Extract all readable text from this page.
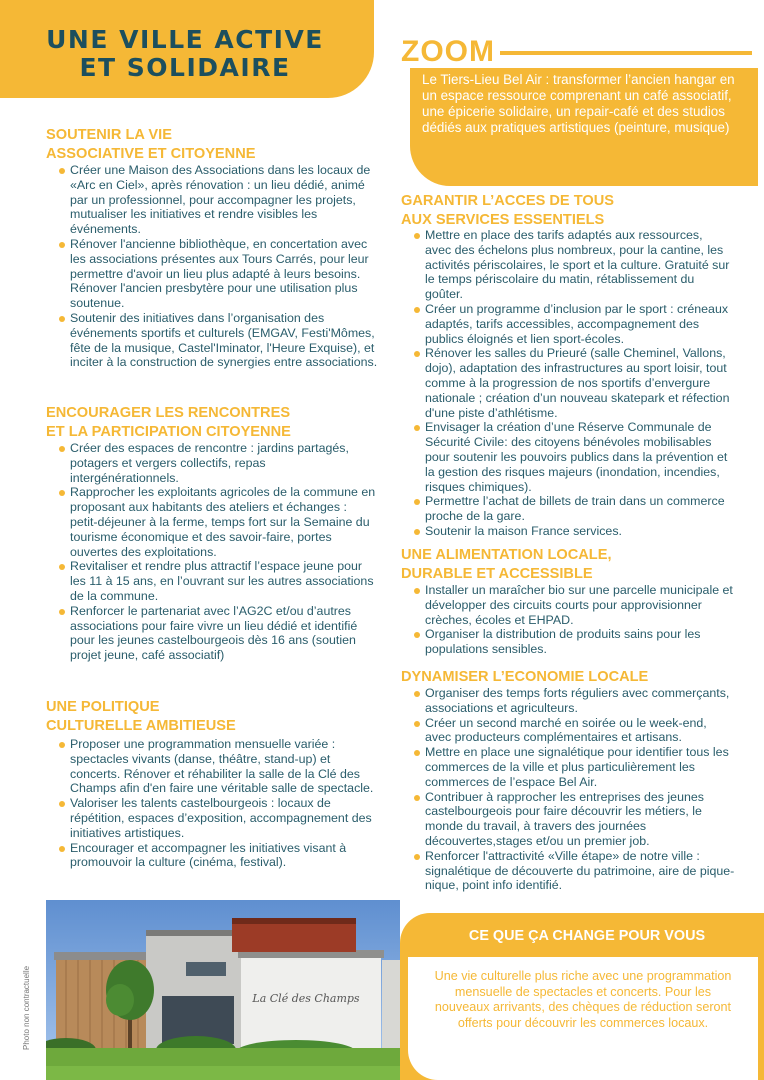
UNE VILLE ACTIVE
ET SOLIDAIRE	ZOOM

Le Tiers-Lieu Bel Air : transformer l’ancien hangar en un espace ressource comprenant un café associatif, une épicerie solidaire, un repair-café et des studios dédiés aux pratiques artistiques (peinture, musique)

SOUTENIR LA VIE
ASSOCIATIVE ET CITOYENNE
Créer une Maison des Associations dans les locaux de «Arc en Ciel», après rénovation : un lieu dédié, animé par un professionnel, pour accompagner les projets, mutualiser les initiatives et rendre visibles les événements.
Rénover l'ancienne bibliothèque, en concertation avec les associations présentes aux Tours Carrés, pour leur permettre d'avoir un lieu plus adapté à leurs besoins. Rénover l'ancien presbytère pour une utilisation plus soutenue.
Soutenir des initiatives dans l’organisation des événements sportifs et culturels (EMGAV, Festi'Mômes, fête de la musique, Castel'Iminator, l'Heure Exquise), et inciter à la construction de synergies entre associations.
ENCOURAGER LES RENCONTRES
ET LA PARTICIPATION CITOYENNE
Créer des espaces de rencontre : jardins partagés, potagers et vergers collectifs, repas intergénérationnels.
Rapprocher les exploitants agricoles de la commune en proposant aux habitants des ateliers et échanges : petit-déjeuner à la ferme, temps fort sur la Semaine du tourisme économique et des savoir-faire, portes ouvertes des exploitations.
Revitaliser et rendre plus attractif l’espace jeune pour les 11 à 15 ans, en l’ouvrant sur les autres associations de la commune.
Renforcer le partenariat avec l’AG2C et/ou d’autres associations pour faire vivre un lieu dédié et identifié pour les jeunes castelbourgeois dès 16 ans (soutien projet jeune, café associatif)
UNE POLITIQUE
CULTURELLE AMBITIEUSE
Proposer une programmation mensuelle variée : spectacles vivants (danse, théâtre, stand-up) et concerts. Rénover et réhabiliter la salle de la Clé des Champs afin d'en faire une véritable salle de spectacle.
Valoriser les talents castelbourgeois : locaux de répétition, espaces d’exposition, accompagnement des initiatives artistiques.
Encourager et accompagner les initiatives visant à promouvoir la culture (cinéma, festival).
GARANTIR L’ACCES DE TOUS
AUX SERVICES ESSENTIELS
Mettre en place des tarifs adaptés aux ressources, avec des échelons plus nombreux, pour la cantine, les activités périscolaires, le sport et la culture. Gratuité sur le temps périscolaire du matin, rétablissement du goûter.
Créer un programme d’inclusion par le sport : créneaux adaptés, tarifs accessibles, accompagnement des publics éloignés et lien sport-écoles.
Rénover les salles du Prieuré (salle Cheminel, Vallons, dojo), adaptation des infrastructures au sport loisir, tout comme à la progression de nos sportifs d’envergure nationale ; création d’un nouveau skatepark et réfection d'une piste d’athlétisme.
Envisager la création d’une Réserve Communale de Sécurité Civile: des citoyens bénévoles mobilisables pour soutenir les pouvoirs publics dans la prévention et la gestion des risques majeurs (inondation, incendies, risques chimiques).
Permettre l’achat de billets de train dans un commerce proche de la gare.
Soutenir la maison France services.
UNE ALIMENTATION LOCALE,
DURABLE ET ACCESSIBLE
Installer un maraîcher bio sur une parcelle municipale et développer des circuits courts pour approvisionner crèches, écoles et EHPAD.
Organiser la distribution de produits sains pour les populations sensibles.
DYNAMISER L’ECONOMIE LOCALE
Organiser des temps forts réguliers avec commerçants, associations et agriculteurs.
Créer un second marché en soirée ou le week-end, avec producteurs complémentaires et artisans.
Mettre en place une signalétique pour identifier tous les commerces de la ville et plus particulièrement les commerces de l’espace Bel Air.
Contribuer à rapprocher les entreprises des jeunes castelbourgeois pour faire découvrir les métiers, le monde du travail, à travers des journées découvertes,stages et/ou un premier job.
Renforcer l'attractivité «Ville étape» de notre ville : signalétique de découverte du patrimoine, aire de pique-nique, point info identifié.
Photo non contractuelle	La Clé des Champs
CE QUE ÇA CHANGE POUR VOUS

Une vie culturelle plus riche avec une programmation mensuelle de spectacles et concerts. Pour les nouveaux arrivants, des chèques de réduction seront offerts pour découvrir les commerces locaux.
